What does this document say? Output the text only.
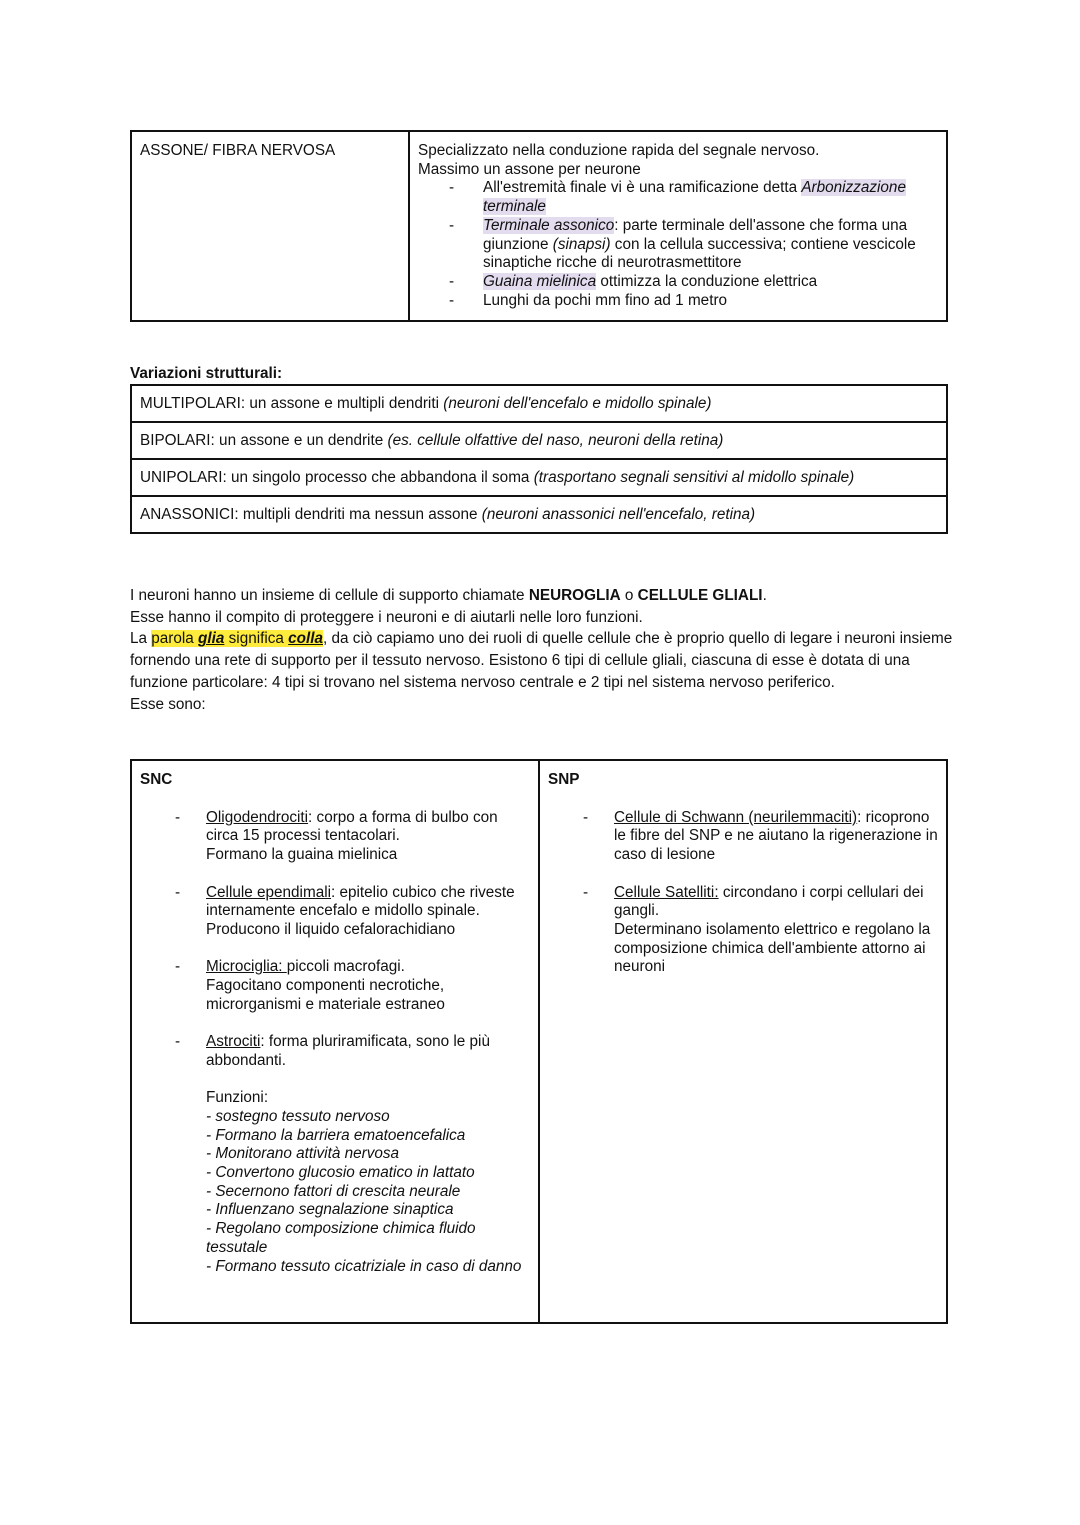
ASSONE/ FIBRA NERVOSA	Specializzato nella conduzione rapida del segnale nervoso.
Massimo un assone per neurone
- All'estremità finale vi è una ramificazione detta Arbonizzazione terminale
- Terminale assonico: parte terminale dell'assone che forma una giunzione (sinapsi) con la cellula successiva; contiene vescicole sinaptiche ricche di neurotrasmettitore
- Guaina mielinica ottimizza la conduzione elettrica
- Lunghi da pochi mm fino ad 1 metro
Variazioni strutturali:
MULTIPOLARI: un assone e multipli dendriti (neuroni dell'encefalo e midollo spinale)
BIPOLARI: un assone e un dendrite (es. cellule olfattive del naso, neuroni della retina)
UNIPOLARI: un singolo processo che abbandona il soma (trasportano segnali sensitivi al midollo spinale)
ANASSONICI: multipli dendriti ma nessun assone (neuroni anassonici nell'encefalo, retina)

I neuroni hanno un insieme di cellule di supporto chiamate NEUROGLIA o CELLULE GLIALI.

Esse hanno il compito di proteggere i neuroni e di aiutarli nelle loro funzioni.

La parola glia significa colla, da ciò capiamo uno dei ruoli di quelle cellule che è proprio quello di legare i neuroni insieme fornendo una rete di supporto per il tessuto nervoso. Esistono 6 tipi di cellule gliali, ciascuna di esse è dotata di una funzione particolare: 4 tipi si trovano nel sistema nervoso centrale e 2 tipi nel sistema nervoso periferico.

Esse sono:

SNC
- Oligodendrociti: corpo a forma di bulbo con circa 15 processi tentacolari.
Formano la guaina mielinica
- Cellule ependimali: epitelio cubico che riveste internamente encefalo e midollo spinale.
Producono il liquido cefalorachidiano
- Microciglia: piccoli macrofagi.
Fagocitano componenti necrotiche, microrganismi e materiale estraneo
- Astrociti: forma pluriramificata, sono le più abbondanti.
Funzioni:
- sostegno tessuto nervoso
- Formano la barriera ematoencefalica
- Monitorano attività nervosa
- Convertono glucosio ematico in lattato
- Secernono fattori di crescita neurale
- Influenzano segnalazione sinaptica
- Regolano composizione chimica fluido tessutale
- Formano tessuto cicatriziale in caso di danno

SNP
- Cellule di Schwann (neurilemmaciti): ricoprono le fibre del SNP e ne aiutano la rigenerazione in caso di lesione
- Cellule Satelliti: circondano i corpi cellulari dei gangli.
Determinano isolamento elettrico e regolano la composizione chimica dell'ambiente attorno ai neuroni
